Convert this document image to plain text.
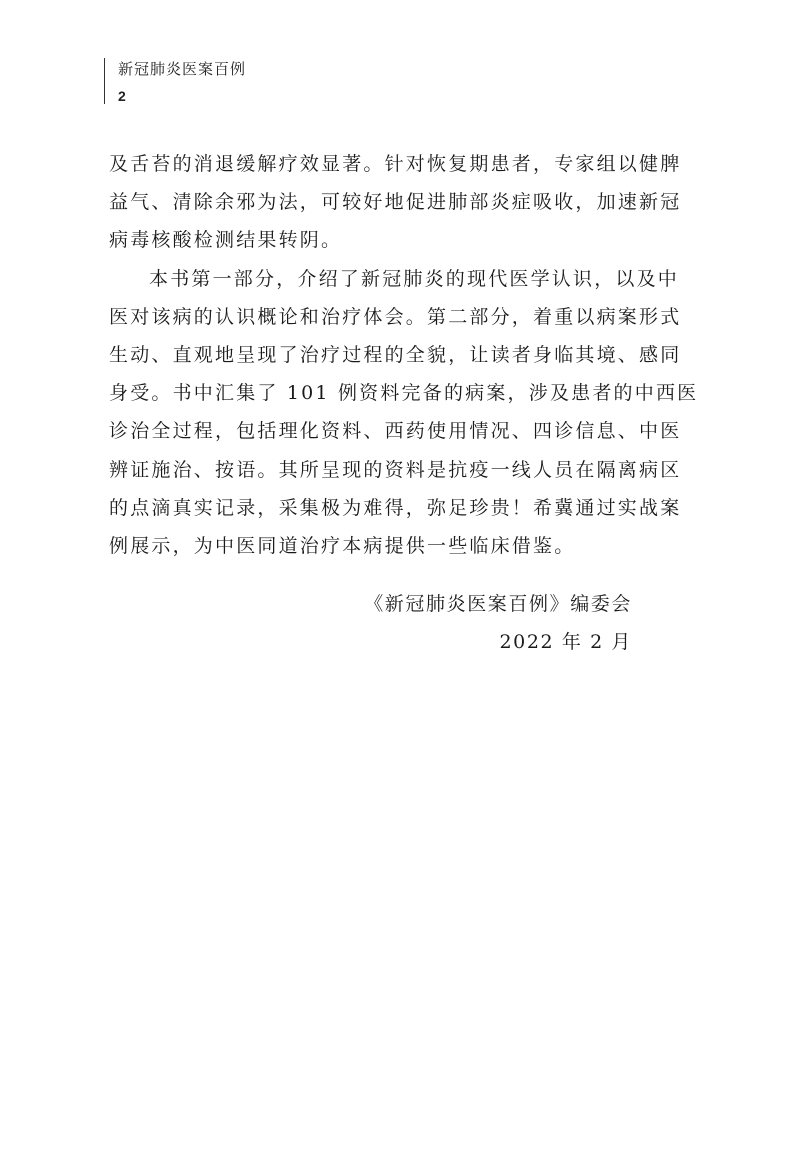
新冠肺炎医案百例
2

及舌苔的消退缓解疗效显著。针对恢复期患者，专家组以健脾
益气、清除余邪为法，可较好地促进肺部炎症吸收，加速新冠
病毒核酸检测结果转阴。

本书第一部分，介绍了新冠肺炎的现代医学认识，以及中
医对该病的认识概论和治疗体会。第二部分，着重以病案形式
生动、直观地呈现了治疗过程的全貌，让读者身临其境、感同
身受。书中汇集了 101 例资料完备的病案，涉及患者的中西医
诊治全过程，包括理化资料、西药使用情况、四诊信息、中医
辨证施治、按语。其所呈现的资料是抗疫一线人员在隔离病区
的点滴真实记录，采集极为难得，弥足珍贵！希冀通过实战案
例展示，为中医同道治疗本病提供一些临床借鉴。

《新冠肺炎医案百例》编委会
2022 年 2 月
